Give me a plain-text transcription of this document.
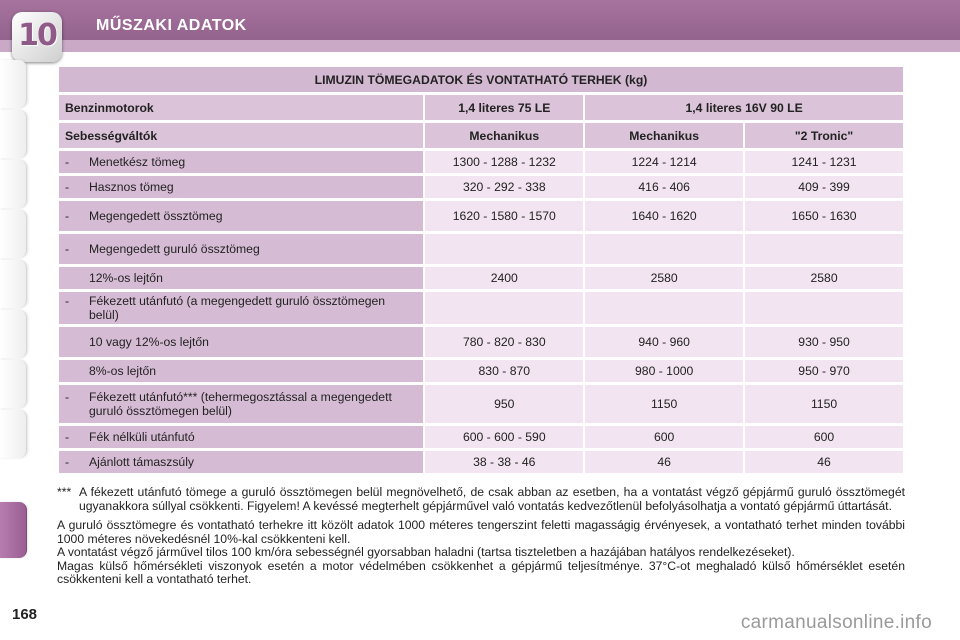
10	MŰSZAKI ADATOK
LIMUZIN TÖMEGADATOK ÉS VONTATHATÓ TERHEK (kg)			
Benzinmotorok	1,4 literes 75 LE	1,4 literes 16V 90 LE	
Sebességváltók	Mechanikus	Mechanikus	"2 Tronic"

- Menetkész tömeg	1300 - 1288 - 1232	1224 - 1214	1241 - 1231

- Hasznos tömeg	320 - 292 - 338	416 - 406	409 - 399

- Megengedett össztömeg	1620 - 1580 - 1570	1640 - 1620	1650 - 1630

- Megengedett guruló össztömeg			

12%-os lejtőn	2400	2580	2580

- Fékezett utánfutó (a megengedett guruló össztömegen belül)			

10 vagy 12%-os lejtőn	780 - 820 - 830	940 - 960	930 - 950

8%-os lejtőn	830 - 870	980 - 1000	950 - 970

- Fékezett utánfutó*** (tehermegosztással a megengedett guruló össztömegen belül)	950	1150	1150

- Fék nélküli utánfutó	600 - 600 - 590	600	600

- Ajánlott támaszsúly	38 - 38 - 46	46	46
*** A fékezett utánfutó tömege a guruló össztömegen belül megnövelhető, de csak abban az esetben, ha a vontatást végző gépjármű guruló össztömegét ugyanakkora súllyal csökkenti. Figyelem! A kevéssé megterhelt gépjárművel való vontatás kedvezőtlenül befolyásolhatja a vontató gépjármű úttartását.

A guruló össztömegre és vontatható terhekre itt közölt adatok 1000 méteres tengerszint feletti magasságig érvényesek, a vontatható terhet minden további 1000 méteres növekedésnél 10%-kal csökkenteni kell.

A vontatást végző járművel tilos 100 km/óra sebességnél gyorsabban haladni (tartsa tiszteletben a hazájában hatályos rendelkezéseket).

Magas külső hőmérsékleti viszonyok esetén a motor védelmében csökkenhet a gépjármű teljesítménye. 37°C-ot meghaladó külső hőmérséklet esetén csökkenteni kell a vontatható terhet.

168	carmanualsonline.info
